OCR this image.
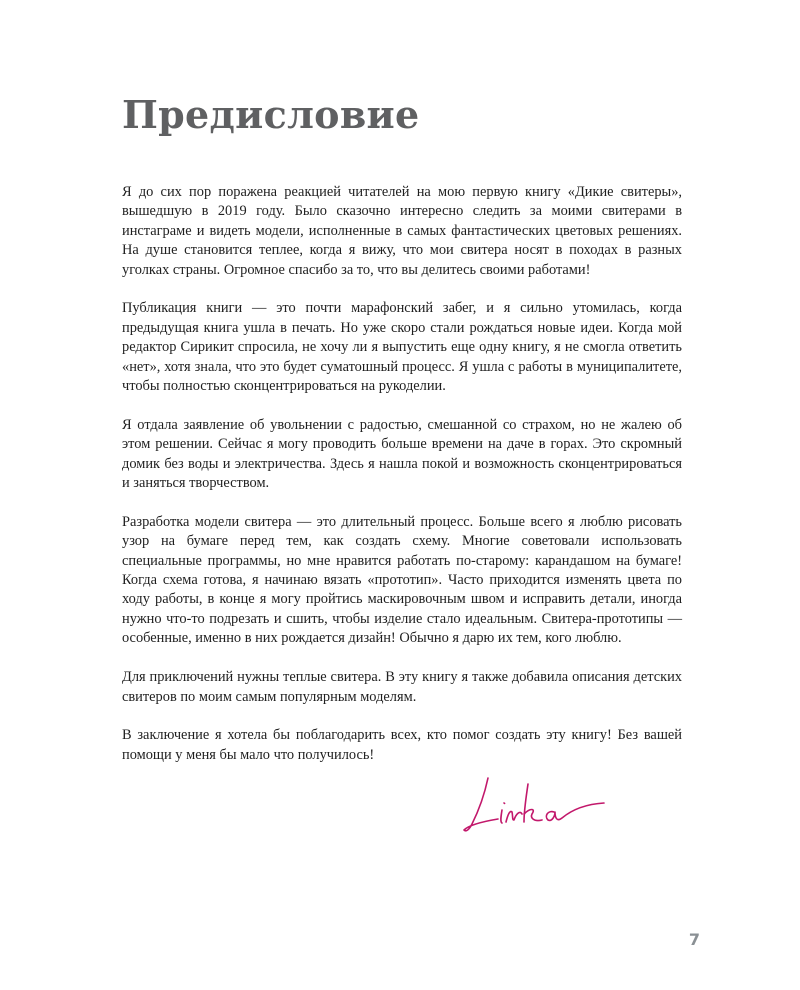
Предисловие

Я до сих пор поражена реакцией читателей на мою первую книгу «Дикие свитеры», вышедшую в 2019 году. Было сказочно интересно следить за моими свитерами в инстаграме и видеть модели, исполненные в самых фантастических цветовых решениях. На душе становится теплее, когда я вижу, что мои свитера носят в походах в разных уголках страны. Огромное спасибо за то, что вы делитесь своими работами!

Публикация книги — это почти марафонский забег, и я сильно утомилась, когда предыдущая книга ушла в печать. Но уже скоро стали рождаться новые идеи. Когда мой редактор Сирикит спросила, не хочу ли я выпустить еще одну книгу, я не смогла ответить «нет», хотя знала, что это будет суматошный процесс. Я ушла с работы в муниципалитете, чтобы полностью сконцентрироваться на рукоделии.

Я отдала заявление об увольнении с радостью, смешанной со страхом, но не жалею об этом решении. Сейчас я могу проводить больше времени на даче в горах. Это скромный домик без воды и электричества. Здесь я нашла покой и возможность сконцентрироваться и заняться творчеством.

Разработка модели свитера — это длительный процесс. Больше всего я люблю рисовать узор на бумаге перед тем, как создать схему. Многие советовали использовать специальные программы, но мне нравится работать по-старому: карандашом на бумаге! Когда схема готова, я начинаю вязать «прототип». Часто приходится изменять цвета по ходу работы, в конце я могу пройтись маскировочным швом и исправить детали, иногда нужно что-то подрезать и сшить, чтобы изделие стало идеальным. Свитера-прототипы — особенные, именно в них рождается дизайн! Обычно я дарю их тем, кого люблю.

Для приключений нужны теплые свитера. В эту книгу я также добавила описания детских свитеров по моим самым популярным моделям.

В заключение я хотела бы поблагодарить всех, кто помог создать эту книгу! Без вашей помощи у меня бы мало что получилось!

7
